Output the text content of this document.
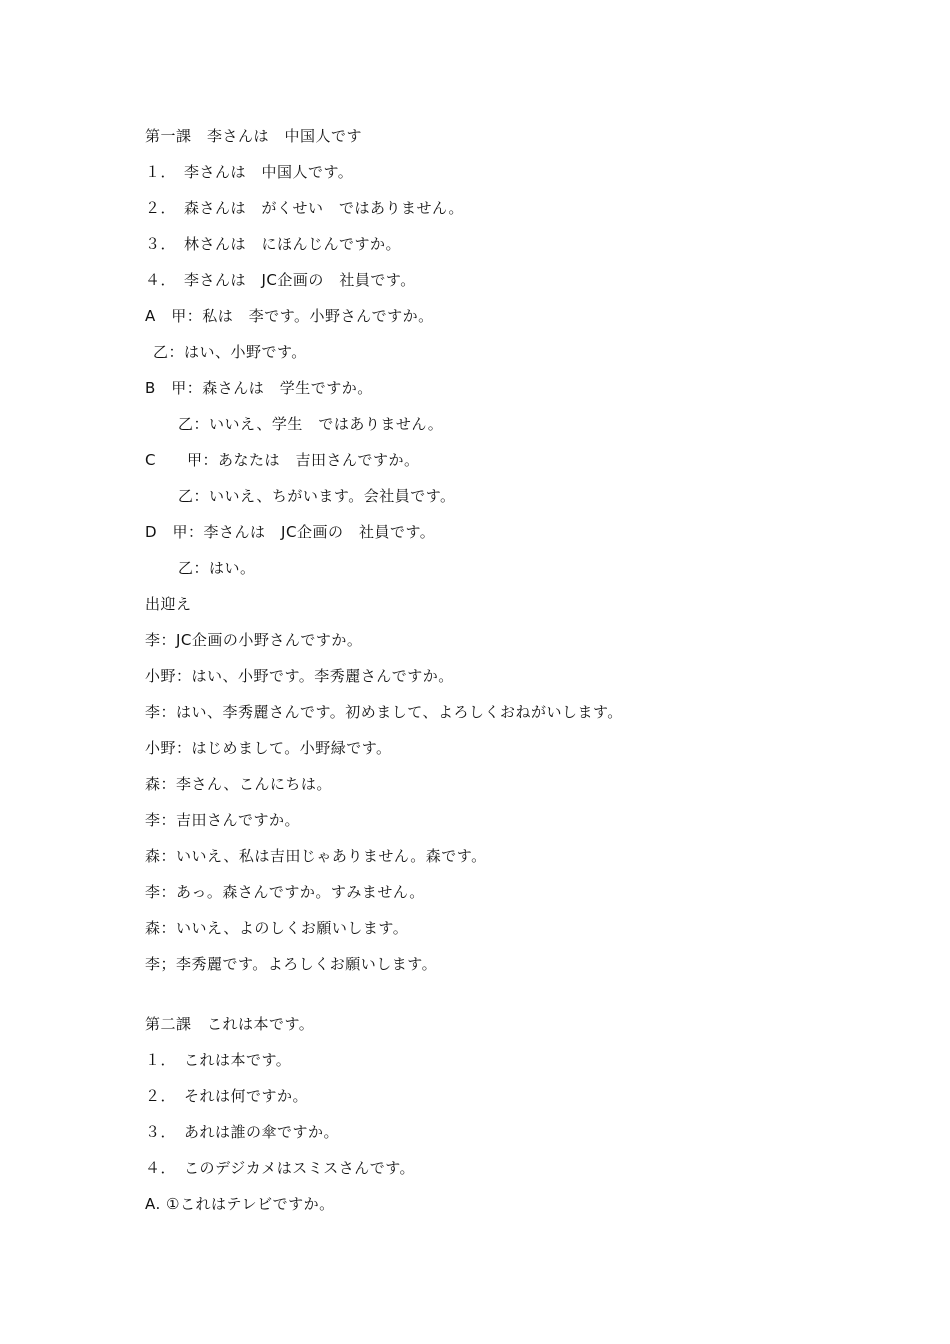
第一課　李さんは　中国人です
１．　李さんは　中国人です。
２．　森さんは　がくせい　ではありません。
３．　林さんは　にほんじんですか。
４．　李さんは　JC企画の　社員です。
A　甲：私は　李です。小野さんですか。
乙：はい、小野です。
B　甲：森さんは　学生ですか。
乙：いいえ、学生　ではありません。
C　　甲：あなたは　吉田さんですか。
乙：いいえ、ちがいます。会社員です。
D　甲：李さんは　JC企画の　社員です。
乙：はい。
出迎え
李：JC企画の小野さんですか。
小野：はい、小野です。李秀麗さんですか。
李：はい、李秀麗さんです。初めまして、よろしくおねがいします。
小野：はじめまして。小野緑です。
森：李さん、こんにちは。
李：吉田さんですか。
森：いいえ、私は吉田じゃありません。森です。
李：あっ。森さんですか。すみません。
森：いいえ、よのしくお願いします。
李；李秀麗です。よろしくお願いします。
第二課　これは本です。
１．　これは本です。
２．　それは何ですか。
３．　あれは誰の傘ですか。
４．　このデジカメはスミスさんです。
A. ①これはテレビですか。
